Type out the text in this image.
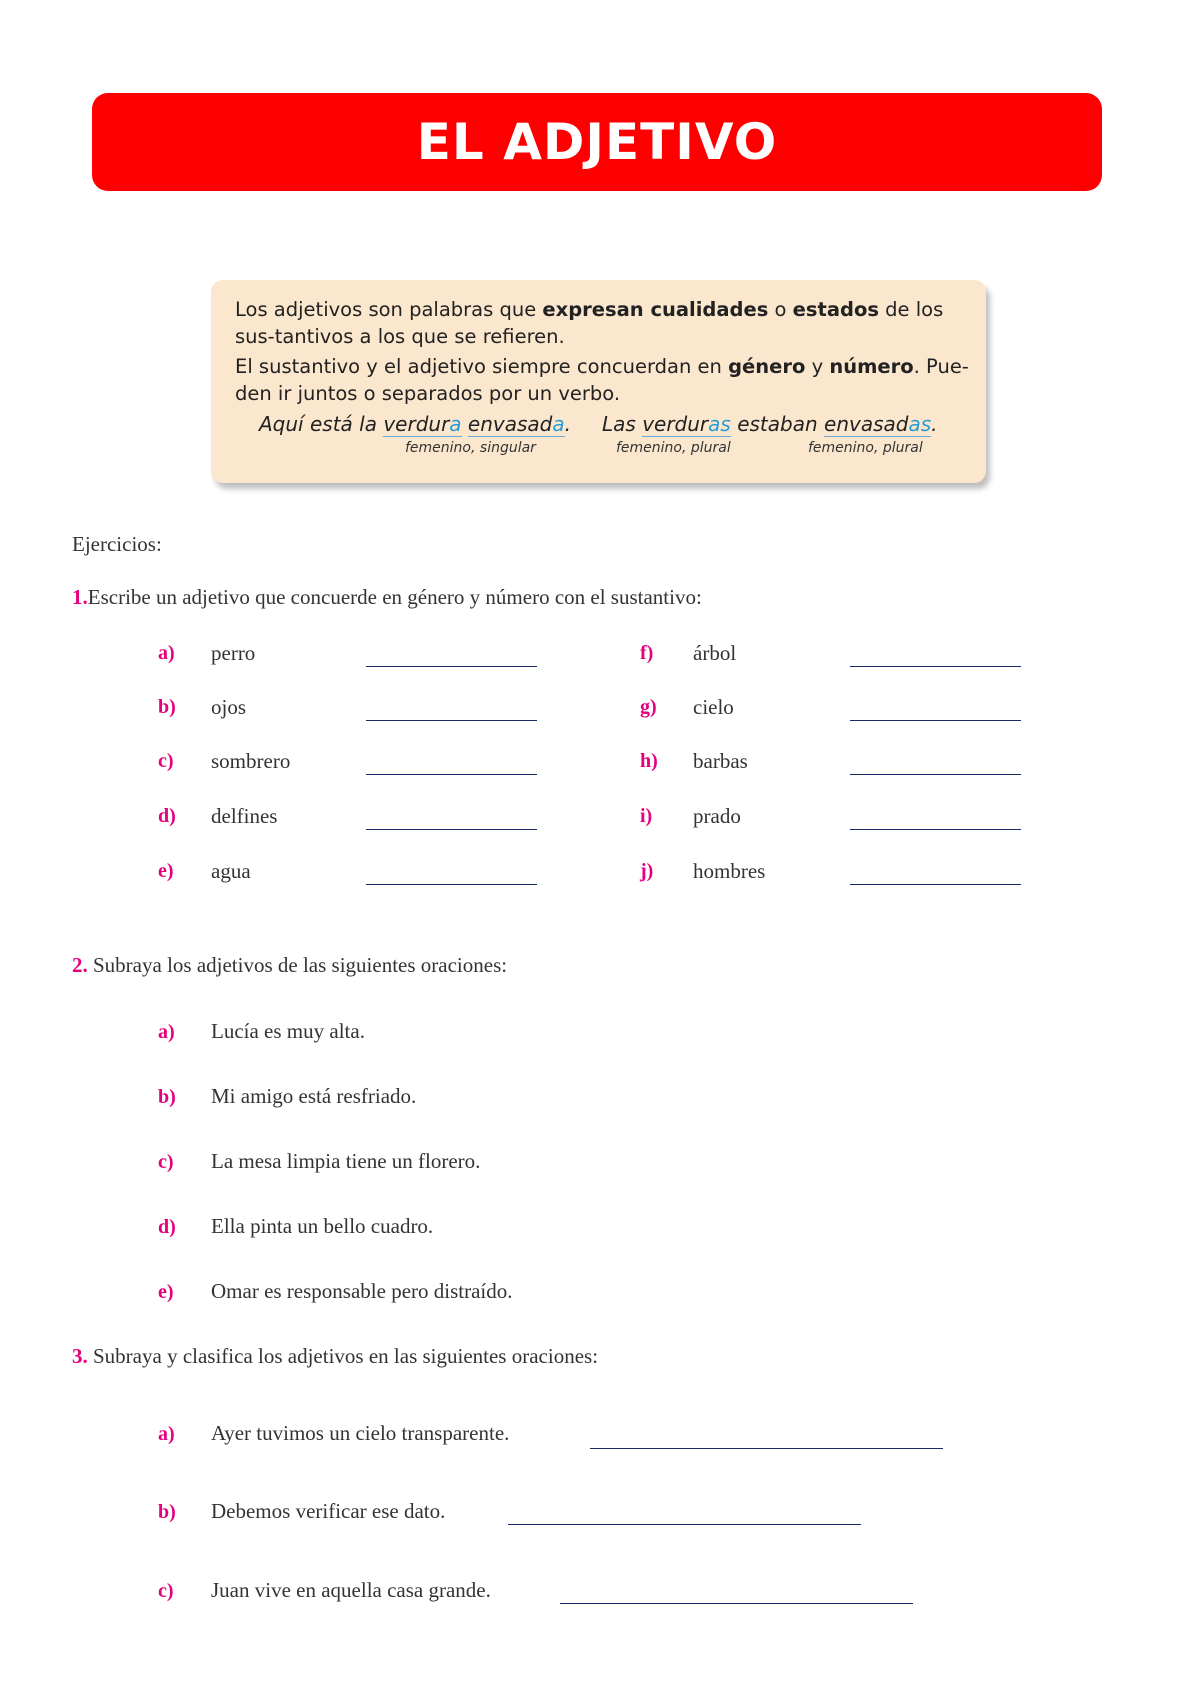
EL ADJETIVO

Los adjetivos son palabras que expresan cualidades o estados de los sus-tantivos a los que se refieren.

El sustantivo y el adjetivo siempre concuerdan en género y número. Pue-den ir juntos o separados por un verbo.

Aquí está la verdura envasada. Las verduras estaban envasadas.
femenino, singular	femenino, plural	femenino, plural
Ejercicios:
1.Escribe un adjetivo que concuerde en género y número con el sustantivo:
a) perro
b) ojos
c) sombrero
d) delfines
e) agua
f) árbol
g) cielo
h) barbas
i) prado
j) hombres
2. Subraya los adjetivos de las siguientes oraciones:
a) Lucía es muy alta.
b) Mi amigo está resfriado.
c) La mesa limpia tiene un florero.
d) Ella pinta un bello cuadro.
e) Omar es responsable pero distraído.
3. Subraya y clasifica los adjetivos en las siguientes oraciones:
a) Ayer tuvimos un cielo transparente.
b) Debemos verificar ese dato.
c) Juan vive en aquella casa grande.
